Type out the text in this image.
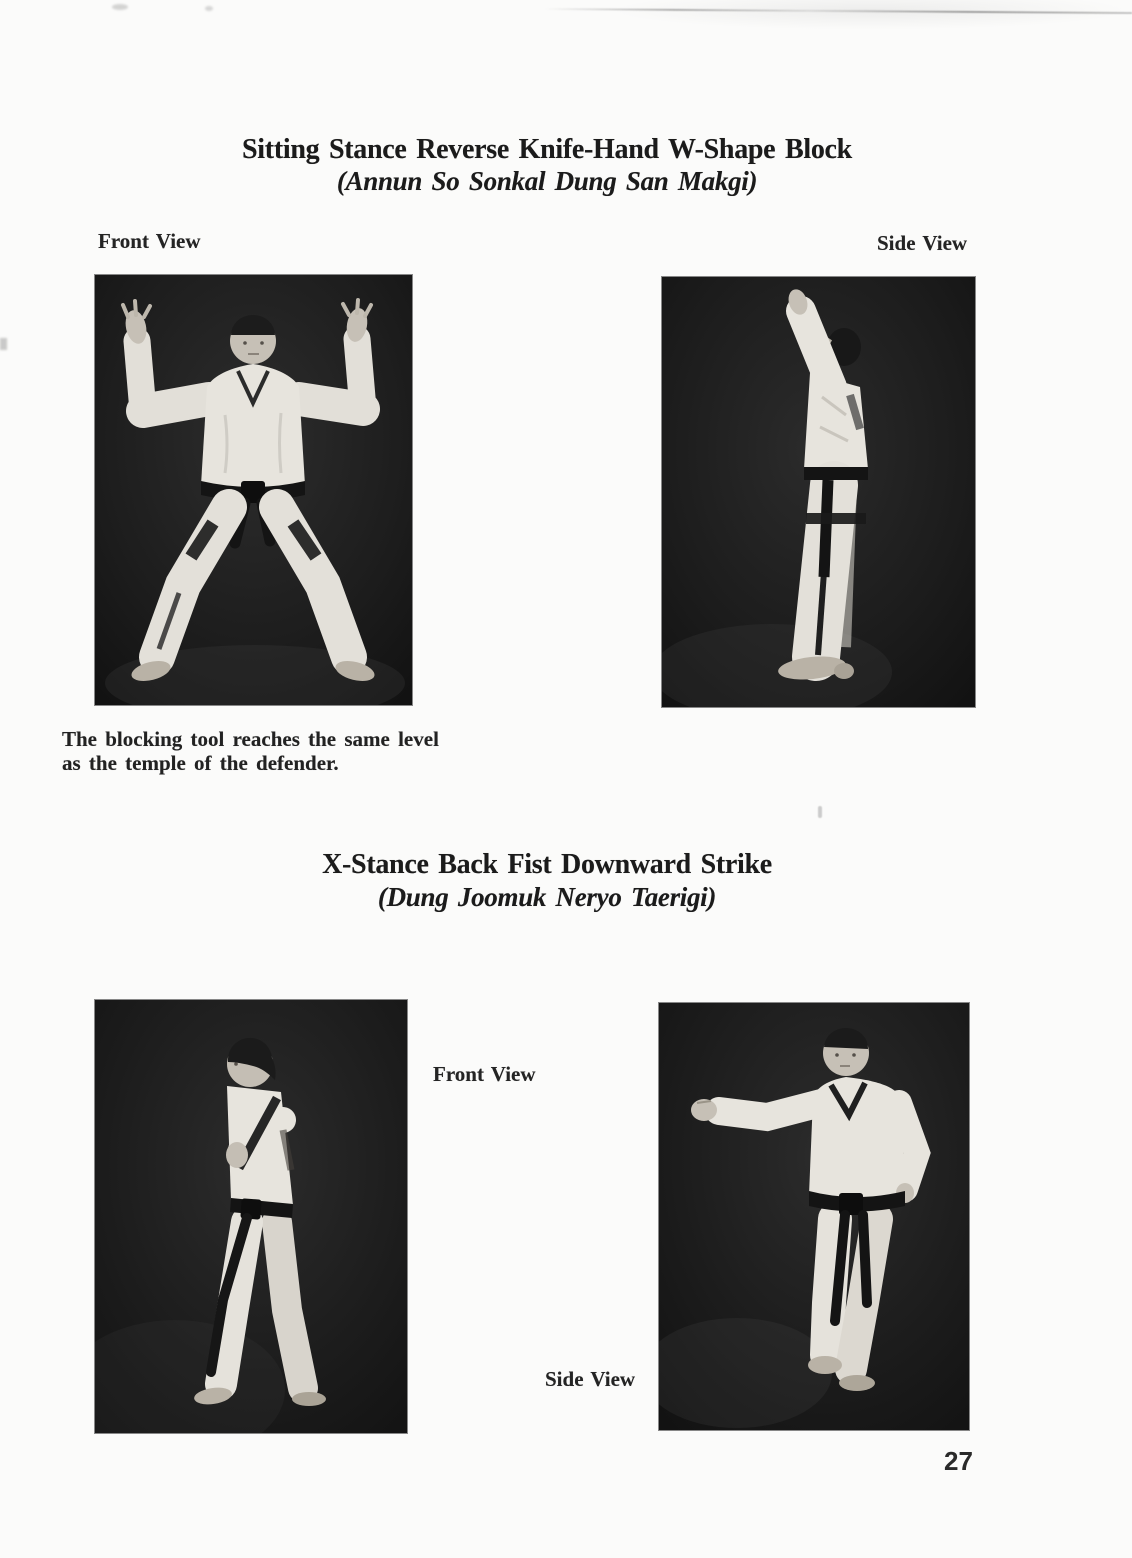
Sitting Stance Reverse Knife-Hand W-Shape Block
(Annun So Sonkal Dung San Makgi)

Front View	Side View

The blocking tool reaches the same level
as the temple of the defender.

X-Stance Back Fist Downward Strike
(Dung Joomuk Neryo Taerigi)

Front View

Side View

27
